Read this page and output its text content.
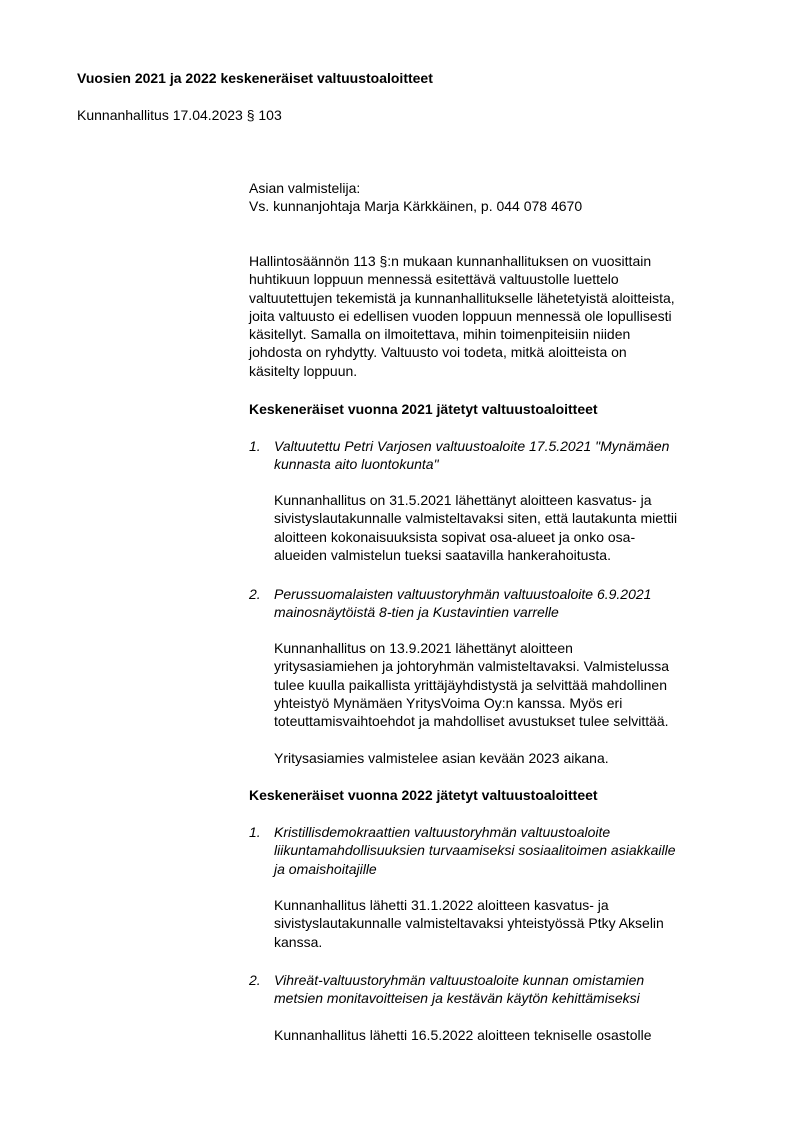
Vuosien 2021 ja 2022 keskeneräiset valtuustoaloitteet
Kunnanhallitus 17.04.2023 § 103
Asian valmistelija:
Vs. kunnanjohtaja Marja Kärkkäinen, p. 044 078 4670
Hallintosäännön 113 §:n mukaan kunnanhallituksen on vuosittain
huhtikuun loppuun mennessä esitettävä valtuustolle luettelo
valtuutettujen tekemistä ja kunnanhallitukselle lähetetyistä aloitteista,
joita valtuusto ei edellisen vuoden loppuun mennessä ole lopullisesti
käsitellyt. Samalla on ilmoitettava, mihin toimenpiteisiin niiden
johdosta on ryhdytty. Valtuusto voi todeta, mitkä aloitteista on
käsitelty loppuun.
Keskeneräiset vuonna 2021 jätetyt valtuustoaloitteet
1. Valtuutettu Petri Varjosen valtuustoaloite 17.5.2021 "Mynämäen
kunnasta aito luontokunta"
Kunnanhallitus on 31.5.2021 lähettänyt aloitteen kasvatus- ja
sivistyslautakunnalle valmisteltavaksi siten, että lautakunta miettii
aloitteen kokonaisuuksista sopivat osa-alueet ja onko osa-
alueiden valmistelun tueksi saatavilla hankerahoitusta.
2. Perussuomalaisten valtuustoryhmän valtuustoaloite 6.9.2021
mainosnäytöistä 8-tien ja Kustavintien varrelle
Kunnanhallitus on 13.9.2021 lähettänyt aloitteen
yritysasiamiehen ja johtoryhmän valmisteltavaksi. Valmistelussa
tulee kuulla paikallista yrittäjäyhdistystä ja selvittää mahdollinen
yhteistyö Mynämäen YritysVoima Oy:n kanssa. Myös eri
toteuttamisvaihtoehdot ja mahdolliset avustukset tulee selvittää.
Yritysasiamies valmistelee asian kevään 2023 aikana.
Keskeneräiset vuonna 2022 jätetyt valtuustoaloitteet
1. Kristillisdemokraattien valtuustoryhmän valtuustoaloite
liikuntamahdollisuuksien turvaamiseksi sosiaalitoimen asiakkaille
ja omaishoitajille
Kunnanhallitus lähetti 31.1.2022 aloitteen kasvatus- ja
sivistyslautakunnalle valmisteltavaksi yhteistyössä Ptky Akselin
kanssa.
2. Vihreät-valtuustoryhmän valtuustoaloite kunnan omistamien
metsien monitavoitteisen ja kestävän käytön kehittämiseksi
Kunnanhallitus lähetti 16.5.2022 aloitteen tekniselle osastolle
